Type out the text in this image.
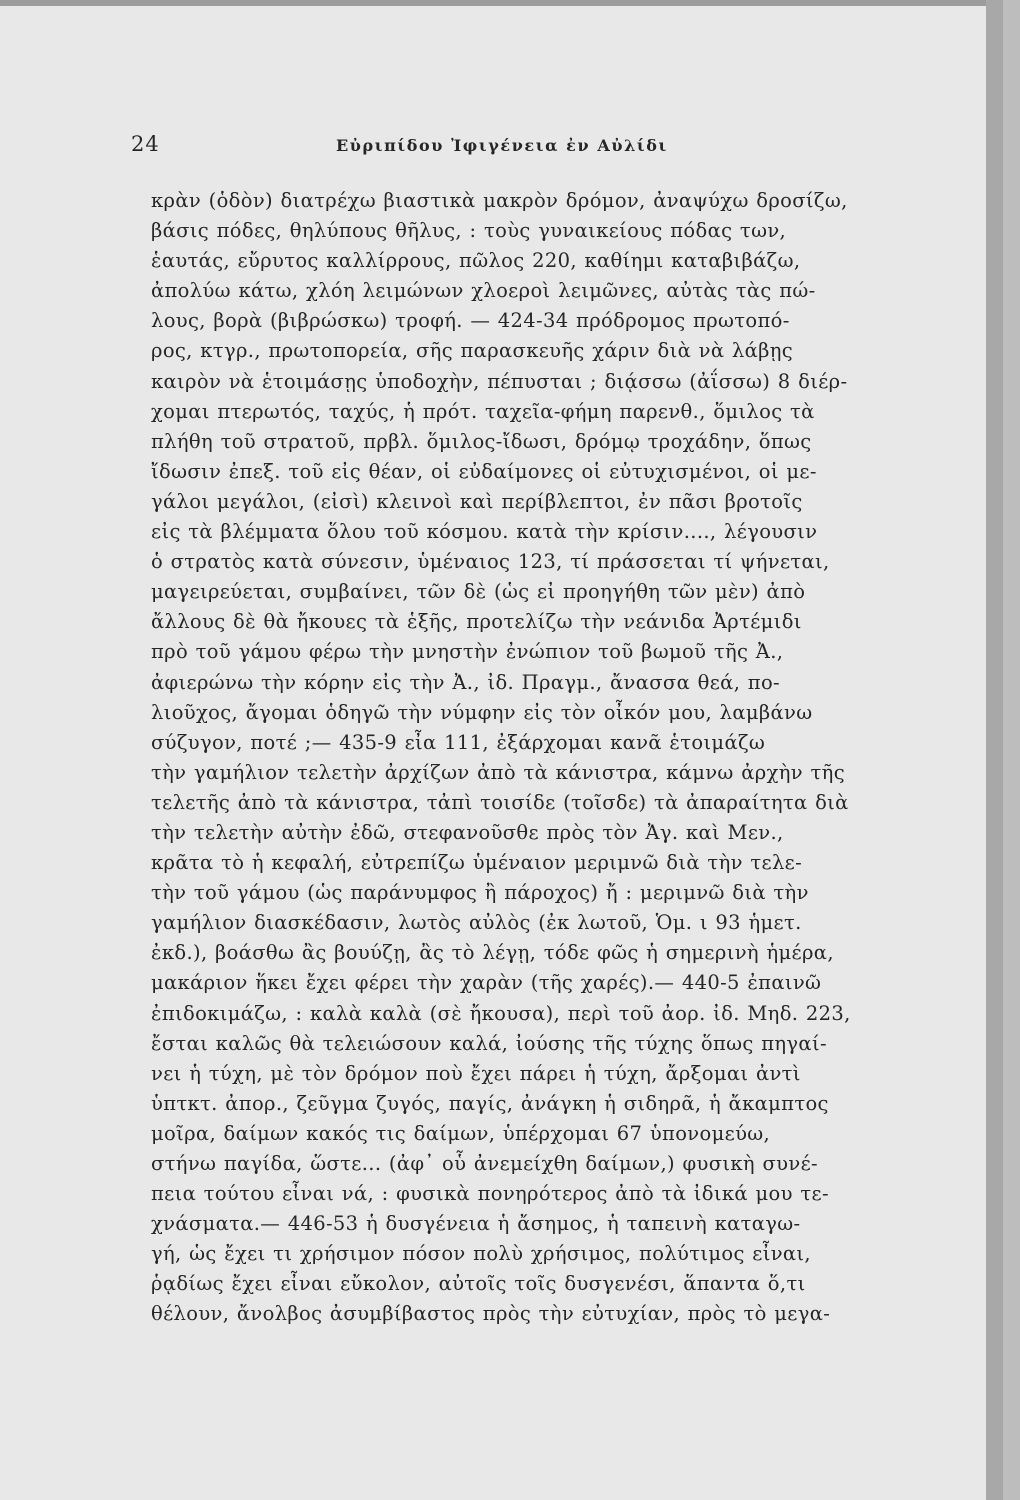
24	Εὐριπίδου Ἰφιγένεια ἐν Αὐλίδι
κρὰν (ὁδὸν) διατρέχω βιαστικὰ μακρὸν δρόμον, ἀναψύχω δροσίζω,
βάσις πόδες, θηλύπους θῆλυς, : τοὺς γυναικείους πόδας των,
ἑαυτάς, εὔρυτος καλλίρρους, πῶλος 220, καθίημι καταβιβάζω,
ἀπολύω κάτω, χλόη λειμώνων χλοεροὶ λειμῶνες, αὐτὰς τὰς πώ-
λους, βορὰ (βιβρώσκω) τροφή. — 424-34 πρόδρομος πρωτοπό-
ρος, κτγρ., πρωτοπορεία, σῆς παρασκευῆς χάριν διὰ νὰ λάβῃς
καιρὸν νὰ ἑτοιμάσῃς ὑποδοχὴν, πέπυσται ; διᾴσσω (ἀΐσσω) 8 διέρ-
χομαι πτερωτός, ταχύς, ἡ πρότ. ταχεῖα-φήμη παρενθ., ὅμιλος τὰ
πλήθη τοῦ στρατοῦ, πρβλ. ὅμιλος-ἴδωσι, δρόμῳ τροχάδην, ὅπως
ἴδωσιν ἐπεξ. τοῦ εἰς θέαν, οἱ εὐδαίμονες οἱ εὐτυχισμένοι, οἱ με-
γάλοι μεγάλοι, (εἰσὶ) κλεινοὶ καὶ περίβλεπτοι, ἐν πᾶσι βροτοῖς
εἰς τὰ βλέμματα ὅλου τοῦ κόσμου. κατὰ τὴν κρίσιν...., λέγουσιν
ὁ στρατὸς κατὰ σύνεσιν, ὑμέναιος 123, τί πράσσεται τί ψήνεται,
μαγειρεύεται, συμβαίνει, τῶν δὲ (ὡς εἰ προηγήθη τῶν μὲν) ἀπὸ
ἄλλους δὲ θὰ ἤκουες τὰ ἑξῆς, προτελίζω τὴν νεάνιδα Ἀρτέμιδι
πρὸ τοῦ γάμου φέρω τὴν μνηστὴν ἐνώπιον τοῦ βωμοῦ τῆς Ἀ.,
ἀφιερώνω τὴν κόρην εἰς τὴν Ἀ., ἰδ. Πραγμ., ἄνασσα θεά, πο-
λιοῦχος, ἄγομαι ὁδηγῶ τὴν νύμφην εἰς τὸν οἶκόν μου, λαμβάνω
σύζυγον, ποτέ ;— 435-9 εἶα 111, ἐξάρχομαι κανᾶ ἑτοιμάζω
τὴν γαμήλιον τελετὴν ἀρχίζων ἀπὸ τὰ κάνιστρα, κάμνω ἀρχὴν τῆς
τελετῆς ἀπὸ τὰ κάνιστρα, τἀπὶ τοισίδε (τοῖσδε) τὰ ἀπαραίτητα διὰ
τὴν τελετὴν αὐτὴν ἐδῶ, στεφανοῦσθε πρὸς τὸν Ἀγ. καὶ Μεν.,
κρᾶτα τὸ ἡ κεφαλή, εὐτρεπίζω ὑμέναιον μεριμνῶ διὰ τὴν τελε-
τὴν τοῦ γάμου (ὡς παράνυμφος ἢ πάροχος) ἤ : μεριμνῶ διὰ τὴν
γαμήλιον διασκέδασιν, λωτὸς αὐλὸς (ἐκ λωτοῦ, Ὁμ. ι 93 ἡμετ.
ἐκδ.), βοάσθω ἂς βουύζῃ, ἂς τὸ λέγῃ, τόδε φῶς ἡ σημερινὴ ἡμέρα,
μακάριον ἥκει ἔχει φέρει τὴν χαρὰν (τῆς χαρές).— 440-5 ἐπαινῶ
ἐπιδοκιμάζω, : καλὰ καλὰ (σὲ ἤκουσα), περὶ τοῦ ἀορ. ἰδ. Μηδ. 223,
ἔσται καλῶς θὰ τελειώσουν καλά, ἰούσης τῆς τύχης ὅπως πηγαί-
νει ἡ τύχη, μὲ τὸν δρόμον ποὺ ἔχει πάρει ἡ τύχη, ἄρξομαι ἀντὶ
ὑπτκτ. ἀπορ., ζεῦγμα ζυγός, παγίς, ἀνάγκη ἡ σιδηρᾶ, ἡ ἄκαμπτος
μοῖρα, δαίμων κακός τις δαίμων, ὑπέρχομαι 67 ὑπονομεύω,
στήνω παγίδα, ὥστε... (ἀφ᾽ οὗ ἀνεμείχθη δαίμων,) φυσικὴ συνέ-
πεια τούτου εἶναι νά, : φυσικὰ πονηρότερος ἀπὸ τὰ ἰδικά μου τε-
χνάσματα.— 446-53 ἡ δυσγένεια ἡ ἄσημος, ἡ ταπεινὴ καταγω-
γή, ὡς ἔχει τι χρήσιμον πόσον πολὺ χρήσιμος, πολύτιμος εἶναι,
ῥᾳδίως ἔχει εἶναι εὔκολον, αὐτοῖς τοῖς δυσγενέσι, ἅπαντα ὅ,τι
θέλουν, ἄνολβος ἀσυμβίβαστος πρὸς τὴν εὐτυχίαν, πρὸς τὸ μεγα-
